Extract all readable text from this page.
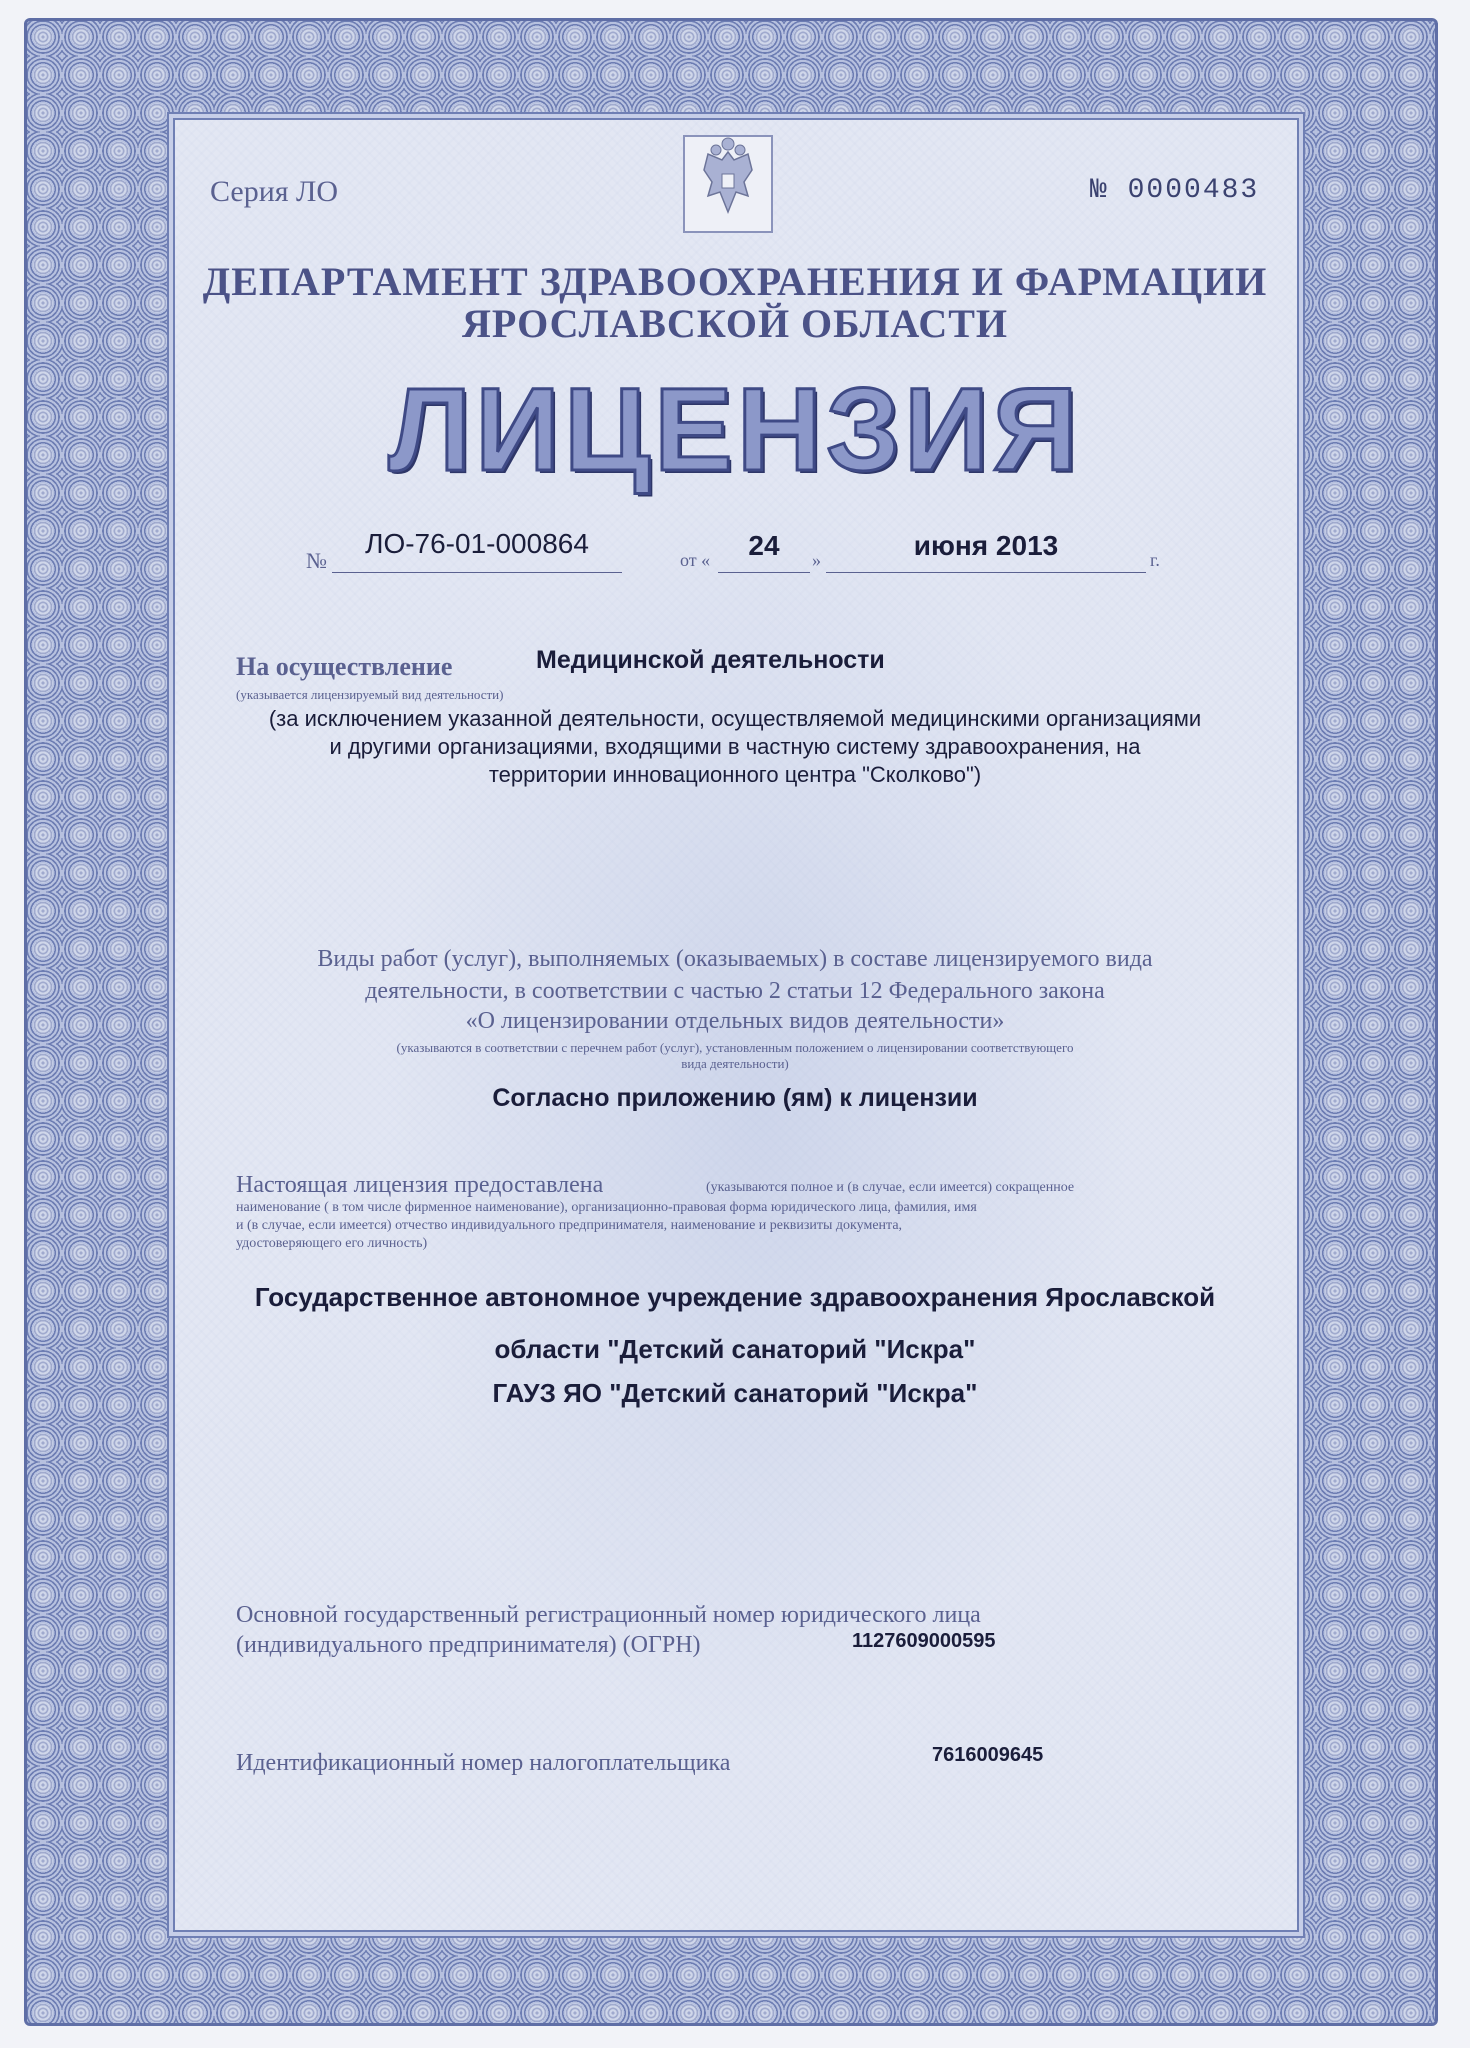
Серия ЛО	№ 0000483
ДЕПАРТАМЕНТ ЗДРАВООХРАНЕНИЯ И ФАРМАЦИИ
ЯРОСЛАВСКОЙ ОБЛАСТИ
ЛИЦЕНЗИЯ
№
ЛО-76-01-000864
от «	24	»	июня 2013	г.
На осуществление	Медицинской деятельности
(указывается лицензируемый вид деятельности)
(за исключением указанной деятельности, осуществляемой медицинскими организациями
и другими организациями, входящими в частную систему здравоохранения, на
территории инновационного центра "Сколково")
Виды работ (услуг), выполняемых (оказываемых) в составе лицензируемого вида
деятельности, в соответствии с частью 2 статьи 12 Федерального закона
«О лицензировании отдельных видов деятельности»
(указываются в соответствии с перечнем работ (услуг), установленным положением о лицензировании соответствующего
вида деятельности)
Согласно приложению (ям) к лицензии
Настоящая лицензия предоставлена	(указываются полное и (в случае, если имеется) сокращенное
наименование ( в том числе фирменное наименование), организационно-правовая форма юридического лица, фамилия, имя
и (в случае, если имеется) отчество индивидуального предпринимателя, наименование и реквизиты документа,
удостоверяющего его личность)
Государственное автономное учреждение здравоохранения Ярославской
области "Детский санаторий "Искра"
ГАУЗ ЯО "Детский санаторий "Искра"
Основной государственный регистрационный номер юридического лица
(индивидуального предпринимателя) (ОГРН)	1127609000595
Идентификационный номер налогоплательщика	7616009645
